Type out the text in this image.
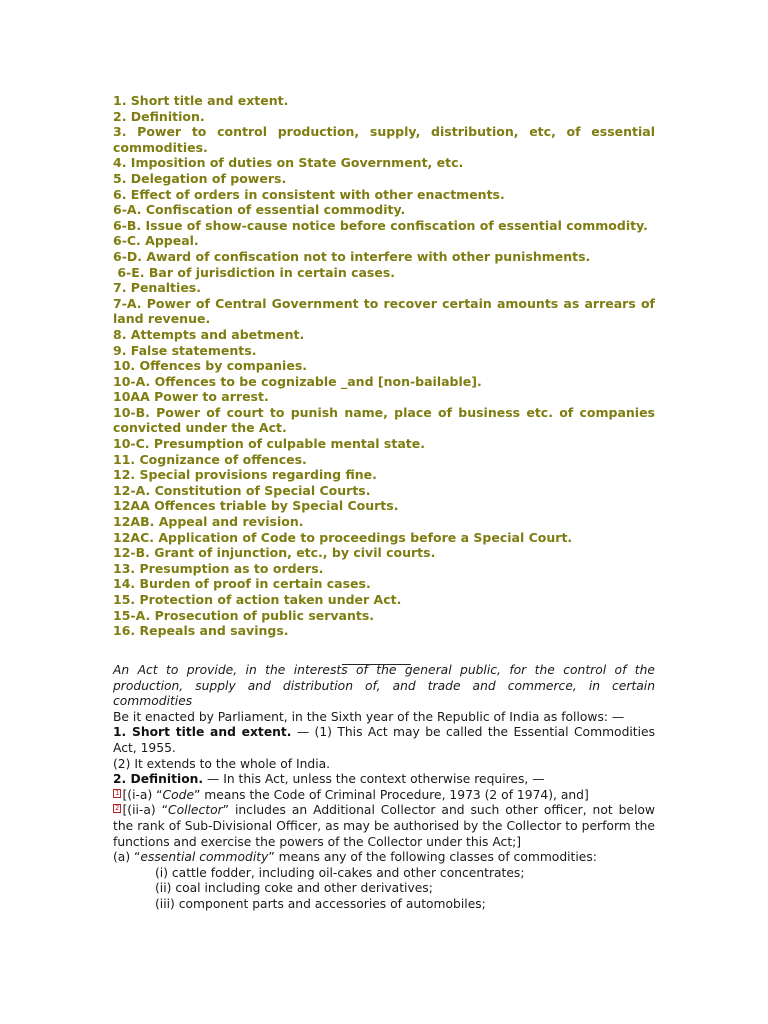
1. Short title and extent.
2. Definition.
3. Power to control production, supply, distribution, etc, of essential commodities.
4. Imposition of duties on State Government, etc.
5. Delegation of powers.
6. Effect of orders in consistent with other enactments.
6-A. Confiscation of essential commodity.
6-B. Issue of show-cause notice before confiscation of essential commodity.
6-C. Appeal.
6-D. Award of confiscation not to interfere with other punishments.
6-E. Bar of jurisdiction in certain cases.
7. Penalties.
7-A. Power of Central Government to recover certain amounts as arrears of land revenue.
8. Attempts and abetment.
9. False statements.
10. Offences by companies.
10-A. Offences to be cognizable _and [non-bailable].
10AA Power to arrest.
10-B. Power of court to punish name, place of business etc. of companies convicted under the Act.
10-C. Presumption of culpable mental state.
11. Cognizance of offences.
12. Special provisions regarding fine.
12-A. Constitution of Special Courts.
12AA Offences triable by Special Courts.
12AB. Appeal and revision.
12AC. Application of Code to proceedings before a Special Court.
12-B. Grant of injunction, etc., by civil courts.
13. Presumption as to orders.
14. Burden of proof in certain cases.
15. Protection of action taken under Act.
15-A. Prosecution of public servants.
16. Repeals and savings.
___________

An Act to provide, in the interests of the general public, for the control of the production, supply and distribution of, and trade and commerce, in certain commodities

Be it enacted by Parliament, in the Sixth year of the Republic of India as follows: —

1. Short title and extent. — (1) This Act may be called the Essential Commodities Act, 1955.

(2) It extends to the whole of India.

2. Definition. — In this Act, unless the context otherwise requires, —

1 [(i-a) “Code” means the Code of Criminal Procedure, 1973 (2 of 1974), and]

2 [(ii-a) “Collector” includes an Additional Collector and such other officer, not below the rank of Sub-Divisional Officer, as may be authorised by the Collector to perform the functions and exercise the powers of the Collector under this Act;]

(a) “essential commodity” means any of the following classes of commodities:

(i) cattle fodder, including oil-cakes and other concentrates;

(ii) coal including coke and other derivatives;

(iii) component parts and accessories of automobiles;
